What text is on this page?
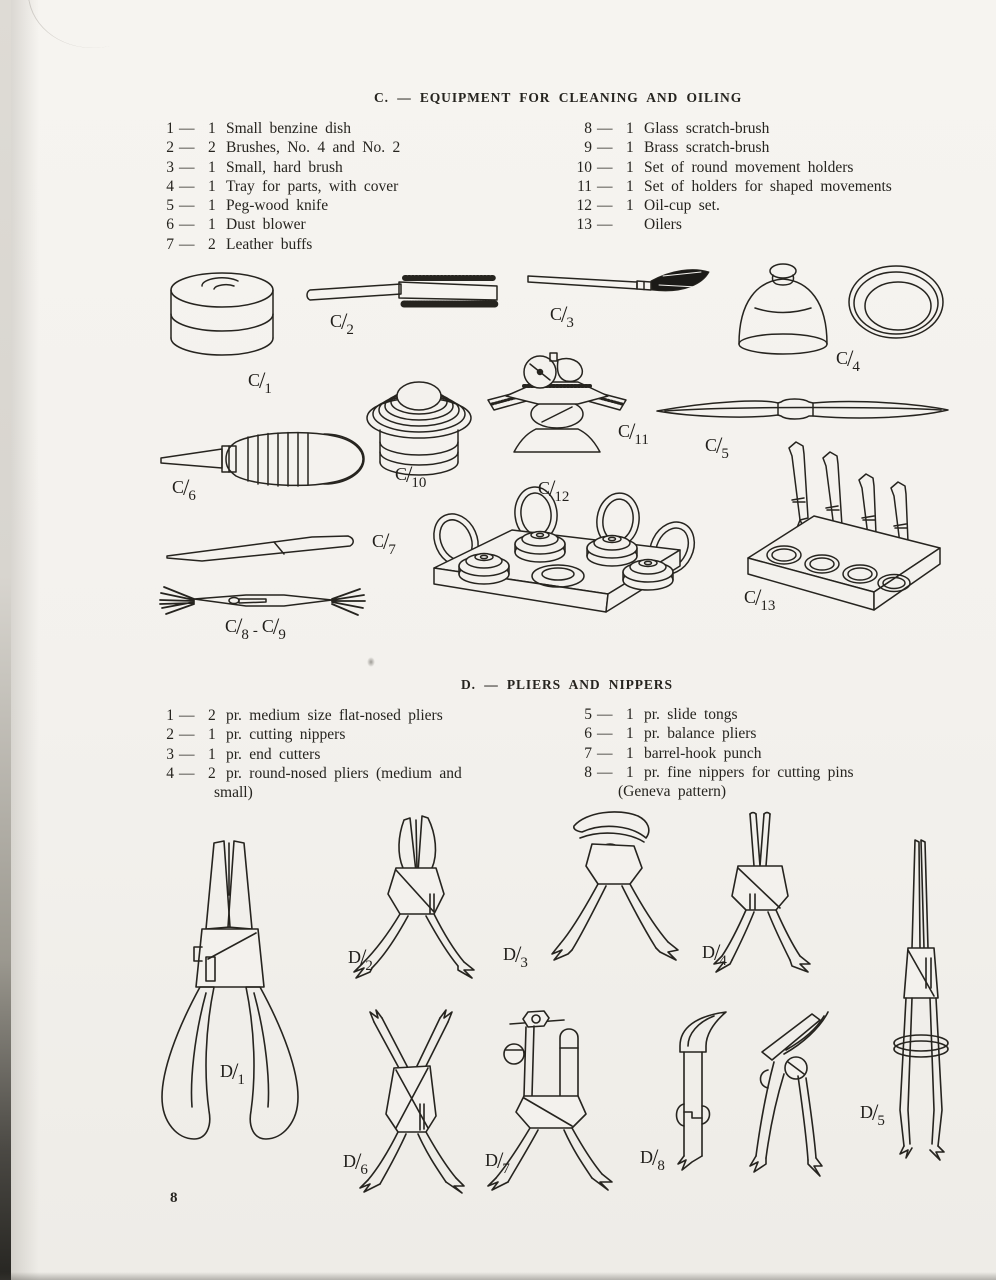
C. — EQUIPMENT FOR CLEANING AND OILING
1 — 1 Small benzine dish
2 — 2 Brushes, No. 4 and No. 2
3 — 1 Small, hard brush
4 — 1 Tray for parts, with cover
5 — 1 Peg-wood knife
6 — 1 Dust blower
7 — 2 Leather buffs
8 — 1 Glass scratch-brush
9 — 1 Brass scratch-brush
10 — 1 Set of round movement holders
11 — 1 Set of holders for shaped movements
12 — 1 Oil-cup set.
13 —	Oilers
C/1
C/2
C/3
C/4
C/5
C/6
C/7
C/8 - C/9
C/10
C/11
C/12
C/13
D. — PLIERS AND NIPPERS
1 — 2 pr. medium size flat-nosed pliers
2 — 1 pr. cutting nippers
3 — 1 pr. end cutters
4 — 2 pr. round-nosed pliers (medium and
small)
5 — 1 pr. slide tongs
6 — 1 pr. balance pliers
7 — 1 barrel-hook punch
8 — 1 pr. fine nippers for cutting pins
(Geneva pattern)
D/1
D/2
D/3
D/4
D/5
D/6	D/7
D/8
8
